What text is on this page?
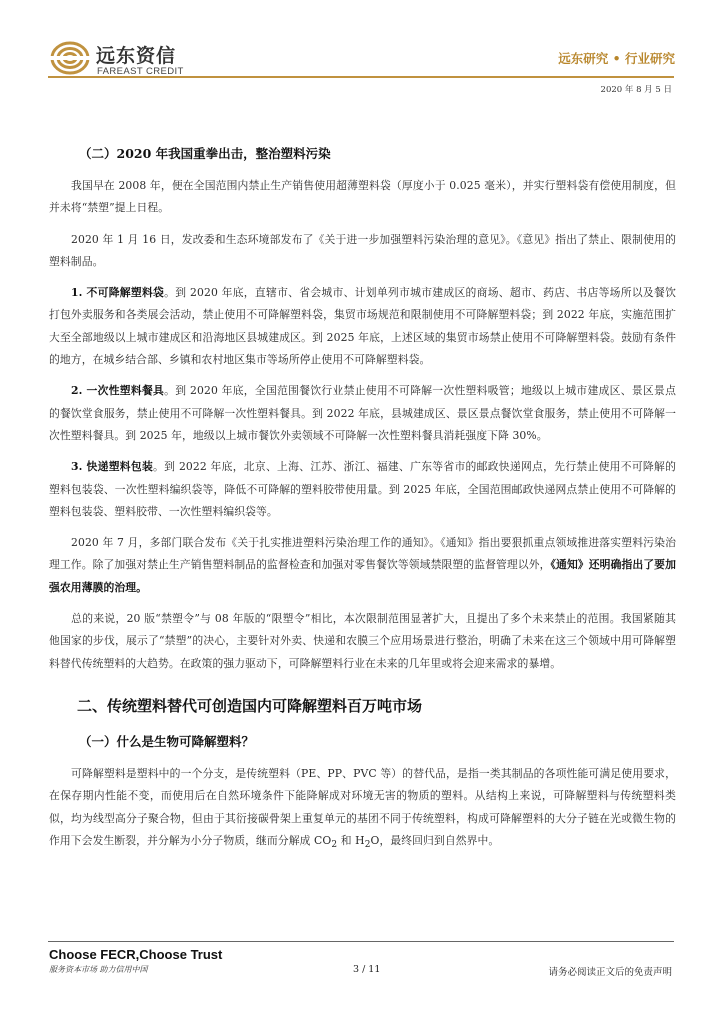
远东资信
FAREAST CREDIT
远东研究 • 行业研究
2020 年 8 月 5 日
（二）2020 年我国重拳出击，整治塑料污染

我国早在 2008 年，便在全国范围内禁止生产销售使用超薄塑料袋（厚度小于 0.025 毫米），并实行塑料袋有偿使用制度，但并未将“禁塑”提上日程。

2020 年 1 月 16 日，发改委和生态环境部发布了《关于进一步加强塑料污染治理的意见》。《意见》指出了禁止、限制使用的塑料制品。

1. 不可降解塑料袋。到 2020 年底，直辖市、省会城市、计划单列市城市建成区的商场、超市、药店、书店等场所以及餐饮打包外卖服务和各类展会活动，禁止使用不可降解塑料袋，集贸市场规范和限制使用不可降解塑料袋；到 2022 年底，实施范围扩大至全部地级以上城市建成区和沿海地区县城建成区。到 2025 年底，上述区域的集贸市场禁止使用不可降解塑料袋。鼓励有条件的地方，在城乡结合部、乡镇和农村地区集市等场所停止使用不可降解塑料袋。

2. 一次性塑料餐具。到 2020 年底，全国范围餐饮行业禁止使用不可降解一次性塑料吸管；地级以上城市建成区、景区景点的餐饮堂食服务，禁止使用不可降解一次性塑料餐具。到 2022 年底，县城建成区、景区景点餐饮堂食服务，禁止使用不可降解一次性塑料餐具。到 2025 年，地级以上城市餐饮外卖领域不可降解一次性塑料餐具消耗强度下降 30%。

3. 快递塑料包装。到 2022 年底，北京、上海、江苏、浙江、福建、广东等省市的邮政快递网点，先行禁止使用不可降解的塑料包装袋、一次性塑料编织袋等，降低不可降解的塑料胶带使用量。到 2025 年底，全国范围邮政快递网点禁止使用不可降解的塑料包装袋、塑料胶带、一次性塑料编织袋等。

2020 年 7 月，多部门联合发布《关于扎实推进塑料污染治理工作的通知》。《通知》指出要狠抓重点领域推进落实塑料污染治理工作。除了加强对禁止生产销售塑料制品的监督检查和加强对零售餐饮等领域禁限塑的监督管理以外，《通知》还明确指出了要加强农用薄膜的治理。

总的来说，20 版“禁塑令”与 08 年版的“限塑令”相比，本次限制范围显著扩大，且提出了多个未来禁止的范围。我国紧随其他国家的步伐，展示了“禁塑”的决心，主要针对外卖、快递和农膜三个应用场景进行整治，明确了未来在这三个领域中用可降解塑料替代传统塑料的大趋势。在政策的强力驱动下，可降解塑料行业在未来的几年里或将会迎来需求的暴增。

二、传统塑料替代可创造国内可降解塑料百万吨市场
（一）什么是生物可降解塑料？

可降解塑料是塑料中的一个分支，是传统塑料（PE、PP、PVC 等）的替代品，是指一类其制品的各项性能可满足使用要求，在保存期内性能不变，而使用后在自然环境条件下能降解成对环境无害的物质的塑料。从结构上来说，可降解塑料与传统塑料类似，均为线型高分子聚合物，但由于其衍接碳骨架上重复单元的基团不同于传统塑料，构成可降解塑料的大分子链在光或微生物的作用下会发生断裂，并分解为小分子物质，继而分解成 $CO_2$ 和 $H_2O$，最终回归到自然界中。

Choose FECR,Choose Trust
服务资本市场 助力信用中国	3 / 11	请务必阅读正文后的免责声明
